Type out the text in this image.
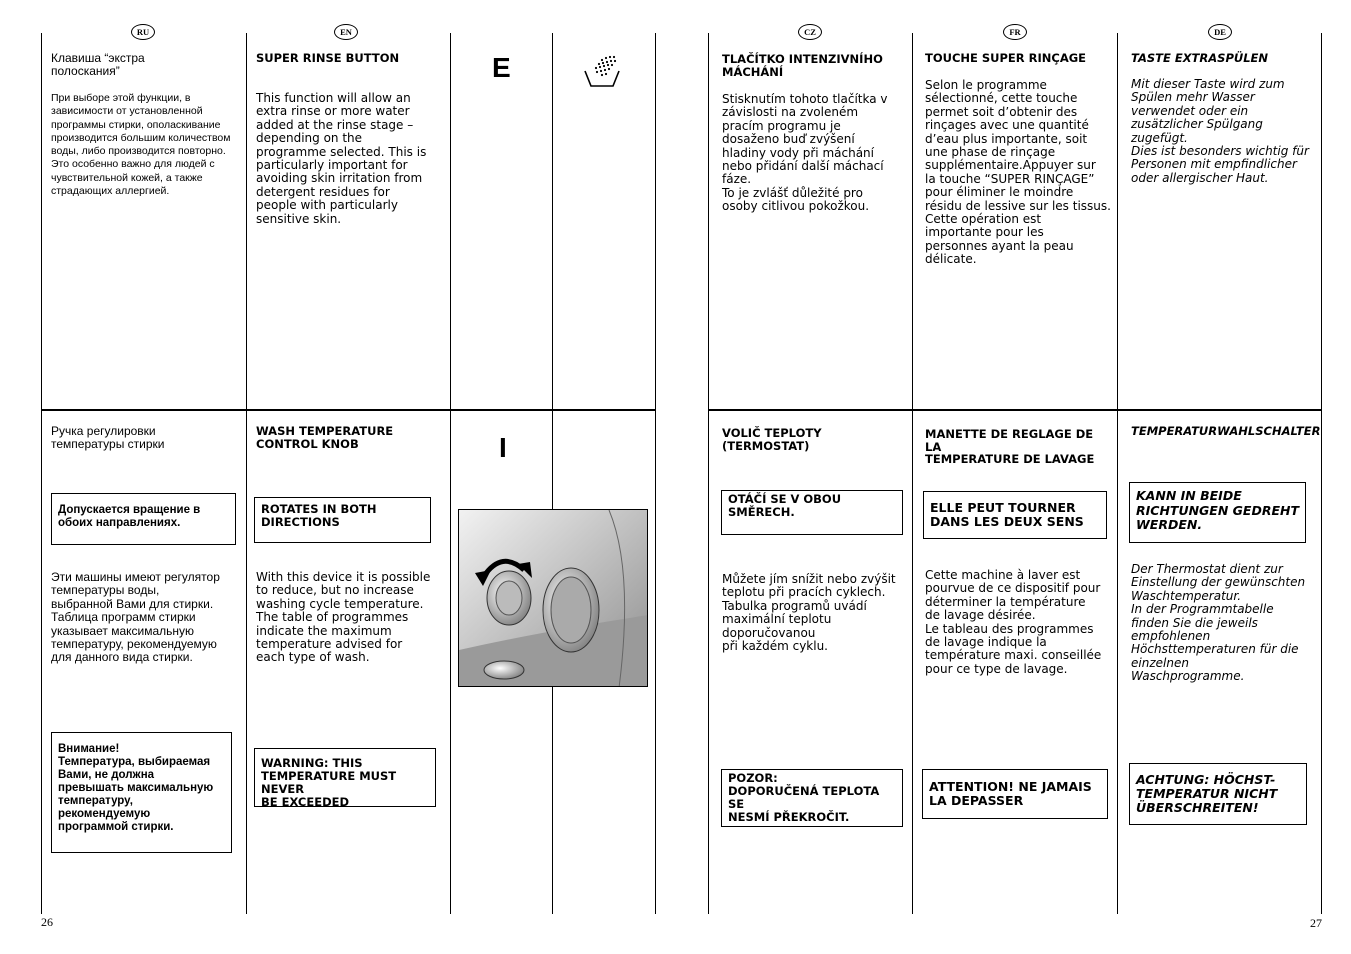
RU	EN	CZ	FR	DE
E
I
Клавиша “экстра
полоскания”
При выборе этой функции, в
зависимости от установленной
программы стирки, ополаскивание
производится большим количеством
воды, либо производится повторно.
Это особенно важно для людей с
чувствительной кожей, а также
страдающих аллергией.
SUPER RINSE BUTTON
This function will allow an
extra rinse or more water
added at the rinse stage –
depending on the
programme selected. This is
particularly important for
avoiding skin irritation from
detergent residues for
people with particularly
sensitive skin.
TLAČÍTKO INTENZIVNÍHO
MÁCHÁNÍ
Stisknutím tohoto tlačítka v
závislosti na zvoleném
pracím programu je
dosaženo buď zvýšení
hladiny vody při máchání
nebo přidání další máchací
fáze.
To je zvlášť důležité pro
osoby citlivou pokožkou.
TOUCHE SUPER RINÇAGE
Selon le programme
sélectionné, cette touche
permet soit d’obtenir des
rinçages avec une quantité
d’eau plus importante, soit
une phase de rinçage
supplémentaire.Appuyer sur
la touche “SUPER RINÇAGE”
pour éliminer le moindre
résidu de lessive sur les tissus.
Cette opération est
importante pour les
personnes ayant la peau
délicate.
TASTE EXTRASPÜLEN
Mit dieser Taste wird zum
Spülen mehr Wasser
verwendet oder ein
zusätzlicher Spülgang
zugefügt.
Dies ist besonders wichtig für
Personen mit empfindlicher
oder allergischer Haut.
Ручка регулировки
температуры стирки
Допускается вращение в
обоих направлениях.
Эти машины имеют регулятор
температуры воды,
выбранной Вами для стирки.
Таблица программ стирки
указывает максимальную
температуру, рекомендуемую
для данного вида стирки.
Внимание!
Температура, выбираемая
Вами, не должна
превышать максимальную
температуру,
рекомендуемую
программой стирки.
WASH TEMPERATURE
CONTROL KNOB
ROTATES IN BOTH
DIRECTIONS
With this device it is possible
to reduce, but no increase
washing cycle temperature.
The table of programmes
indicate the maximum
temperature advised for
each type of wash.
WARNING: THIS
TEMPERATURE MUST NEVER
BE EXCEEDED
VOLIČ TEPLOTY (TERMOSTAT)
OTÁČÍ SE V OBOU
SMĚRECH.
Můžete jím snížit nebo zvýšit
teplotu při pracích cyklech.
Tabulka programů uvádí
maximální teplotu
doporučovanou
při každém cyklu.
POZOR:
DOPORUČENÁ TEPLOTA SE
NESMÍ PŘEKROČIT.
MANETTE DE REGLAGE DE LA
TEMPERATURE DE LAVAGE
ELLE PEUT TOURNER
DANS LES DEUX SENS
Cette machine à laver est
pourvue de ce dispositif pour
déterminer la température
de lavage désirée.
Le tableau des programmes
de lavage indique la
température maxi. conseillée
pour ce type de lavage.
ATTENTION! NE JAMAIS
LA DEPASSER
TEMPERATURWAHLSCHALTER
KANN IN BEIDE
RICHTUNGEN GEDREHT
WERDEN.
Der Thermostat dient zur
Einstellung der gewünschten
Waschtemperatur.
In der Programmtabelle
finden Sie die jeweils
empfohlenen
Höchsttemperaturen für die
einzelnen
Waschprogramme.
ACHTUNG: HÖCHST-
TEMPERATUR NICHT
ÜBERSCHREITEN!
26	27
